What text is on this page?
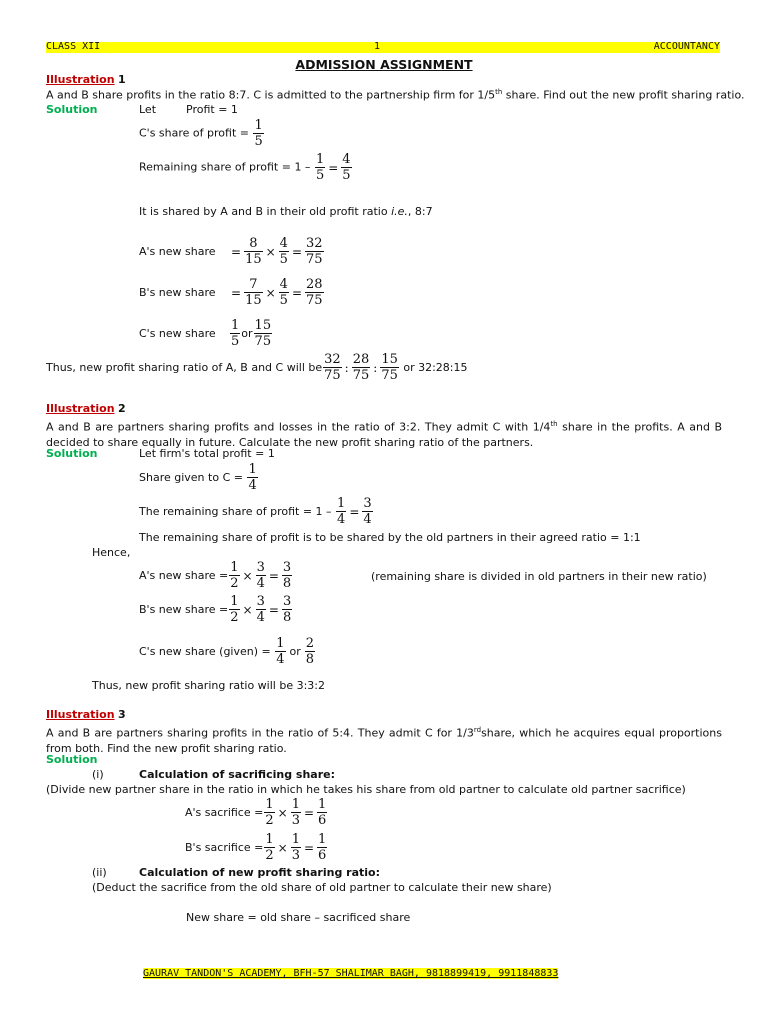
CLASS XII	1	ACCOUNTANCY
ADMISSION ASSIGNMENT
Illustration 1
A and B share profits in the ratio 8:7. C is admitted to the partnership firm for 1/5th share. Find out the new profit sharing ratio.
Solution	Let	Profit = 1
C's share of profit = $\frac{1}{5}$
Remaining share of profit = $1 - \frac{1}{5} = \frac{4}{5}$
It is shared by A and B in their old profit ratio i.e., 8:7
A's new share = $\frac{8}{15} \times \frac{4}{5} = \frac{32}{75}$
B's new share = $\frac{7}{15} \times \frac{4}{5} = \frac{28}{75}$
C's new share $\frac{1}{5}$ or $\frac{15}{75}$
Thus, new profit sharing ratio of A, B and C will be $\frac{32}{75}$ : $\frac{28}{75}$ : $\frac{15}{75}$ or 32:28:15
Illustration 2
A and B are partners sharing profits and losses in the ratio of 3:2. They admit C with 1/4th share in the profits. A and B decided to share equally in future. Calculate the new profit sharing ratio of the partners.
Solution	Let firm's total profit = 1
Share given to $C = \frac{1}{4}$
The remaining share of profit = $1 - \frac{1}{4} = \frac{3}{4}$
The remaining share of profit is to be shared by the old partners in their agreed ratio = 1:1
Hence,
A's new share = $\frac{1}{2} \times \frac{3}{4} = \frac{3}{8}$	(remaining share is divided in old partners in their new ratio)
B's new share = $\frac{1}{2} \times \frac{3}{4} = \frac{3}{8}$
C's new share (given) = $\frac{1}{4}$ or $\frac{2}{8}$
Thus, new profit sharing ratio will be 3:3:2
Illustration 3
A and B are partners sharing profits in the ratio of 5:4. They admit C for 1/3rdshare, which he acquires equal proportions from both. Find the new profit sharing ratio.
Solution
(i)	Calculation of sacrificing share:
(Divide new partner share in the ratio in which he takes his share from old partner to calculate old partner sacrifice)
A's sacrifice = $\frac{1}{2} \times \frac{1}{3} = \frac{1}{6}$
B's sacrifice = $\frac{1}{2} \times \frac{1}{3} = \frac{1}{6}$
(ii)	Calculation of new profit sharing ratio:
(Deduct the sacrifice from the old share of old partner to calculate their new share)
New share = old share – sacrificed share
GAURAV TANDON'S ACADEMY, BFH-57 SHALIMAR BAGH, 9818899419, 9911848833
